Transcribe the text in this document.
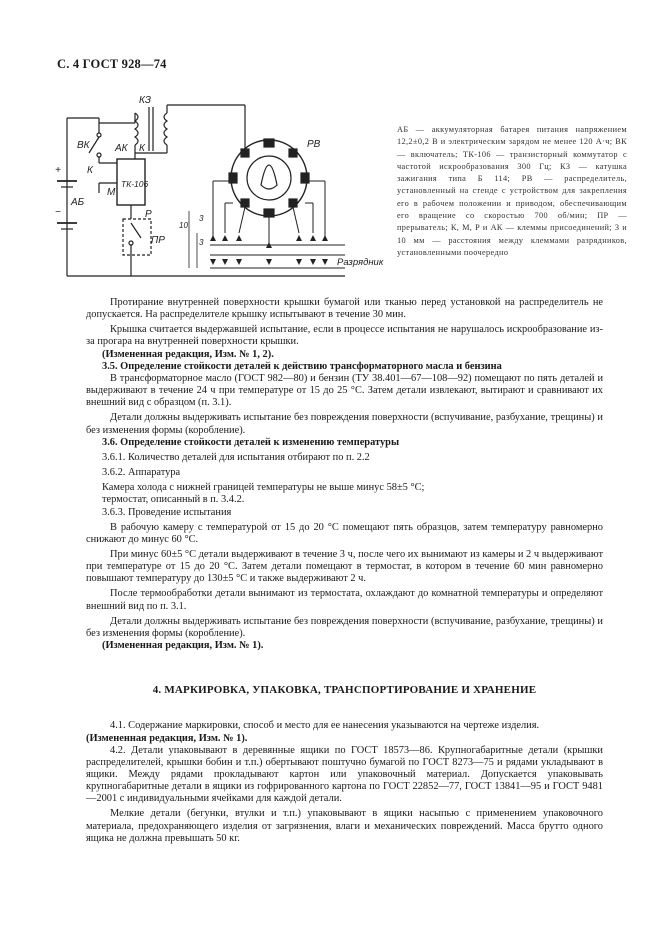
С. 4 ГОСТ 928—74
ВК
КЗ
АК К
К
+
−
АБ
ТК-106
М
Р
ПР
РВ
10
3
3
Разрядник

АБ — аккумуляторная батарея питания напряжением 12,2±0,2 В и электрическим зарядом не менее 120 А·ч; ВК — включатель; ТК-106 — транзисторный коммутатор с частотой искрообразования 300 Гц; КЗ — катушка зажигания типа Б 114; РВ — распределитель, установленный на стенде с устройством для закрепления его в рабочем положении и приводом, обеспечивающим его вращение со скоростью 700 об/мин; ПР — прерыватель; К, М, Р и АК — клеммы присоединений; 3 и 10 мм — расстояния между клеммами разрядников, установленными поочередно

Протирание внутренней поверхности крышки бумагой или тканью перед установкой на распределитель не допускается. На распределителе крышку испытывают в течение 30 мин.

Крышка считается выдержавшей испытание, если в процессе испытания не нарушалось искрообразование из-за прогара на внутренней поверхности крышки.

(Измененная редакция, Изм. № 1, 2).

3.5. Определение стойкости деталей к действию трансформаторного масла и бензина

В трансформаторное масло (ГОСТ 982—80) и бензин (ТУ 38.401—67—108—92) помещают по пять деталей и выдерживают в течение 24 ч при температуре от 15 до 25 °С. Затем детали извлекают, вытирают и сравнивают их внешний вид с образцом (п. 3.1).

Детали должны выдерживать испытание без повреждения поверхности (вспучивание, разбухание, трещины) и без изменения формы (коробление).

3.6. Определение стойкости деталей к изменению температуры

3.6.1. Количество деталей для испытания отбирают по п. 2.2

3.6.2. Аппаратура

Камера холода с нижней границей температуры не выше минус 58±5 °С;

термостат, описанный в п. 3.4.2.

3.6.3. Проведение испытания

В рабочую камеру с температурой от 15 до 20 °С помещают пять образцов, затем температуру равномерно снижают до минус 60 °С.

При минус 60±5 °С детали выдерживают в течение 3 ч, после чего их вынимают из камеры и 2 ч выдерживают при температуре от 15 до 20 °С. Затем детали помещают в термостат, в котором в течение 60 мин равномерно повышают температуру до 130±5 °С и также выдерживают 2 ч.

После термообработки детали вынимают из термостата, охлаждают до комнатной температуры и определяют внешний вид по п. 3.1.

Детали должны выдерживать испытание без повреждения поверхности (вспучивание, разбухание, трещины) и без изменения формы (коробление).

(Измененная редакция, Изм. № 1).

4. МАРКИРОВКА, УПАКОВКА, ТРАНСПОРТИРОВАНИЕ И ХРАНЕНИЕ

4.1. Содержание маркировки, способ и место для ее нанесения указываются на чертеже изделия.

(Измененная редакция, Изм. № 1).

4.2. Детали упаковывают в деревянные ящики по ГОСТ 18573—86. Крупногабаритные детали (крышки распределителей, крышки бобин и т.п.) обертывают поштучно бумагой по ГОСТ 8273—75 и рядами укладывают в ящики. Между рядами прокладывают картон или упаковочный материал. Допускается упаковывать крупногабаритные детали в ящики из гофрированного картона по ГОСТ 22852—77, ГОСТ 13841—95 и ГОСТ 9481—2001 с индивидуальными ячейками для каждой детали.

Мелкие детали (бегунки, втулки и т.п.) упаковывают в ящики насыпью с применением упаковочного материала, предохраняющего изделия от загрязнения, влаги и механических повреждений. Масса брутто одного ящика не должна превышать 50 кг.
